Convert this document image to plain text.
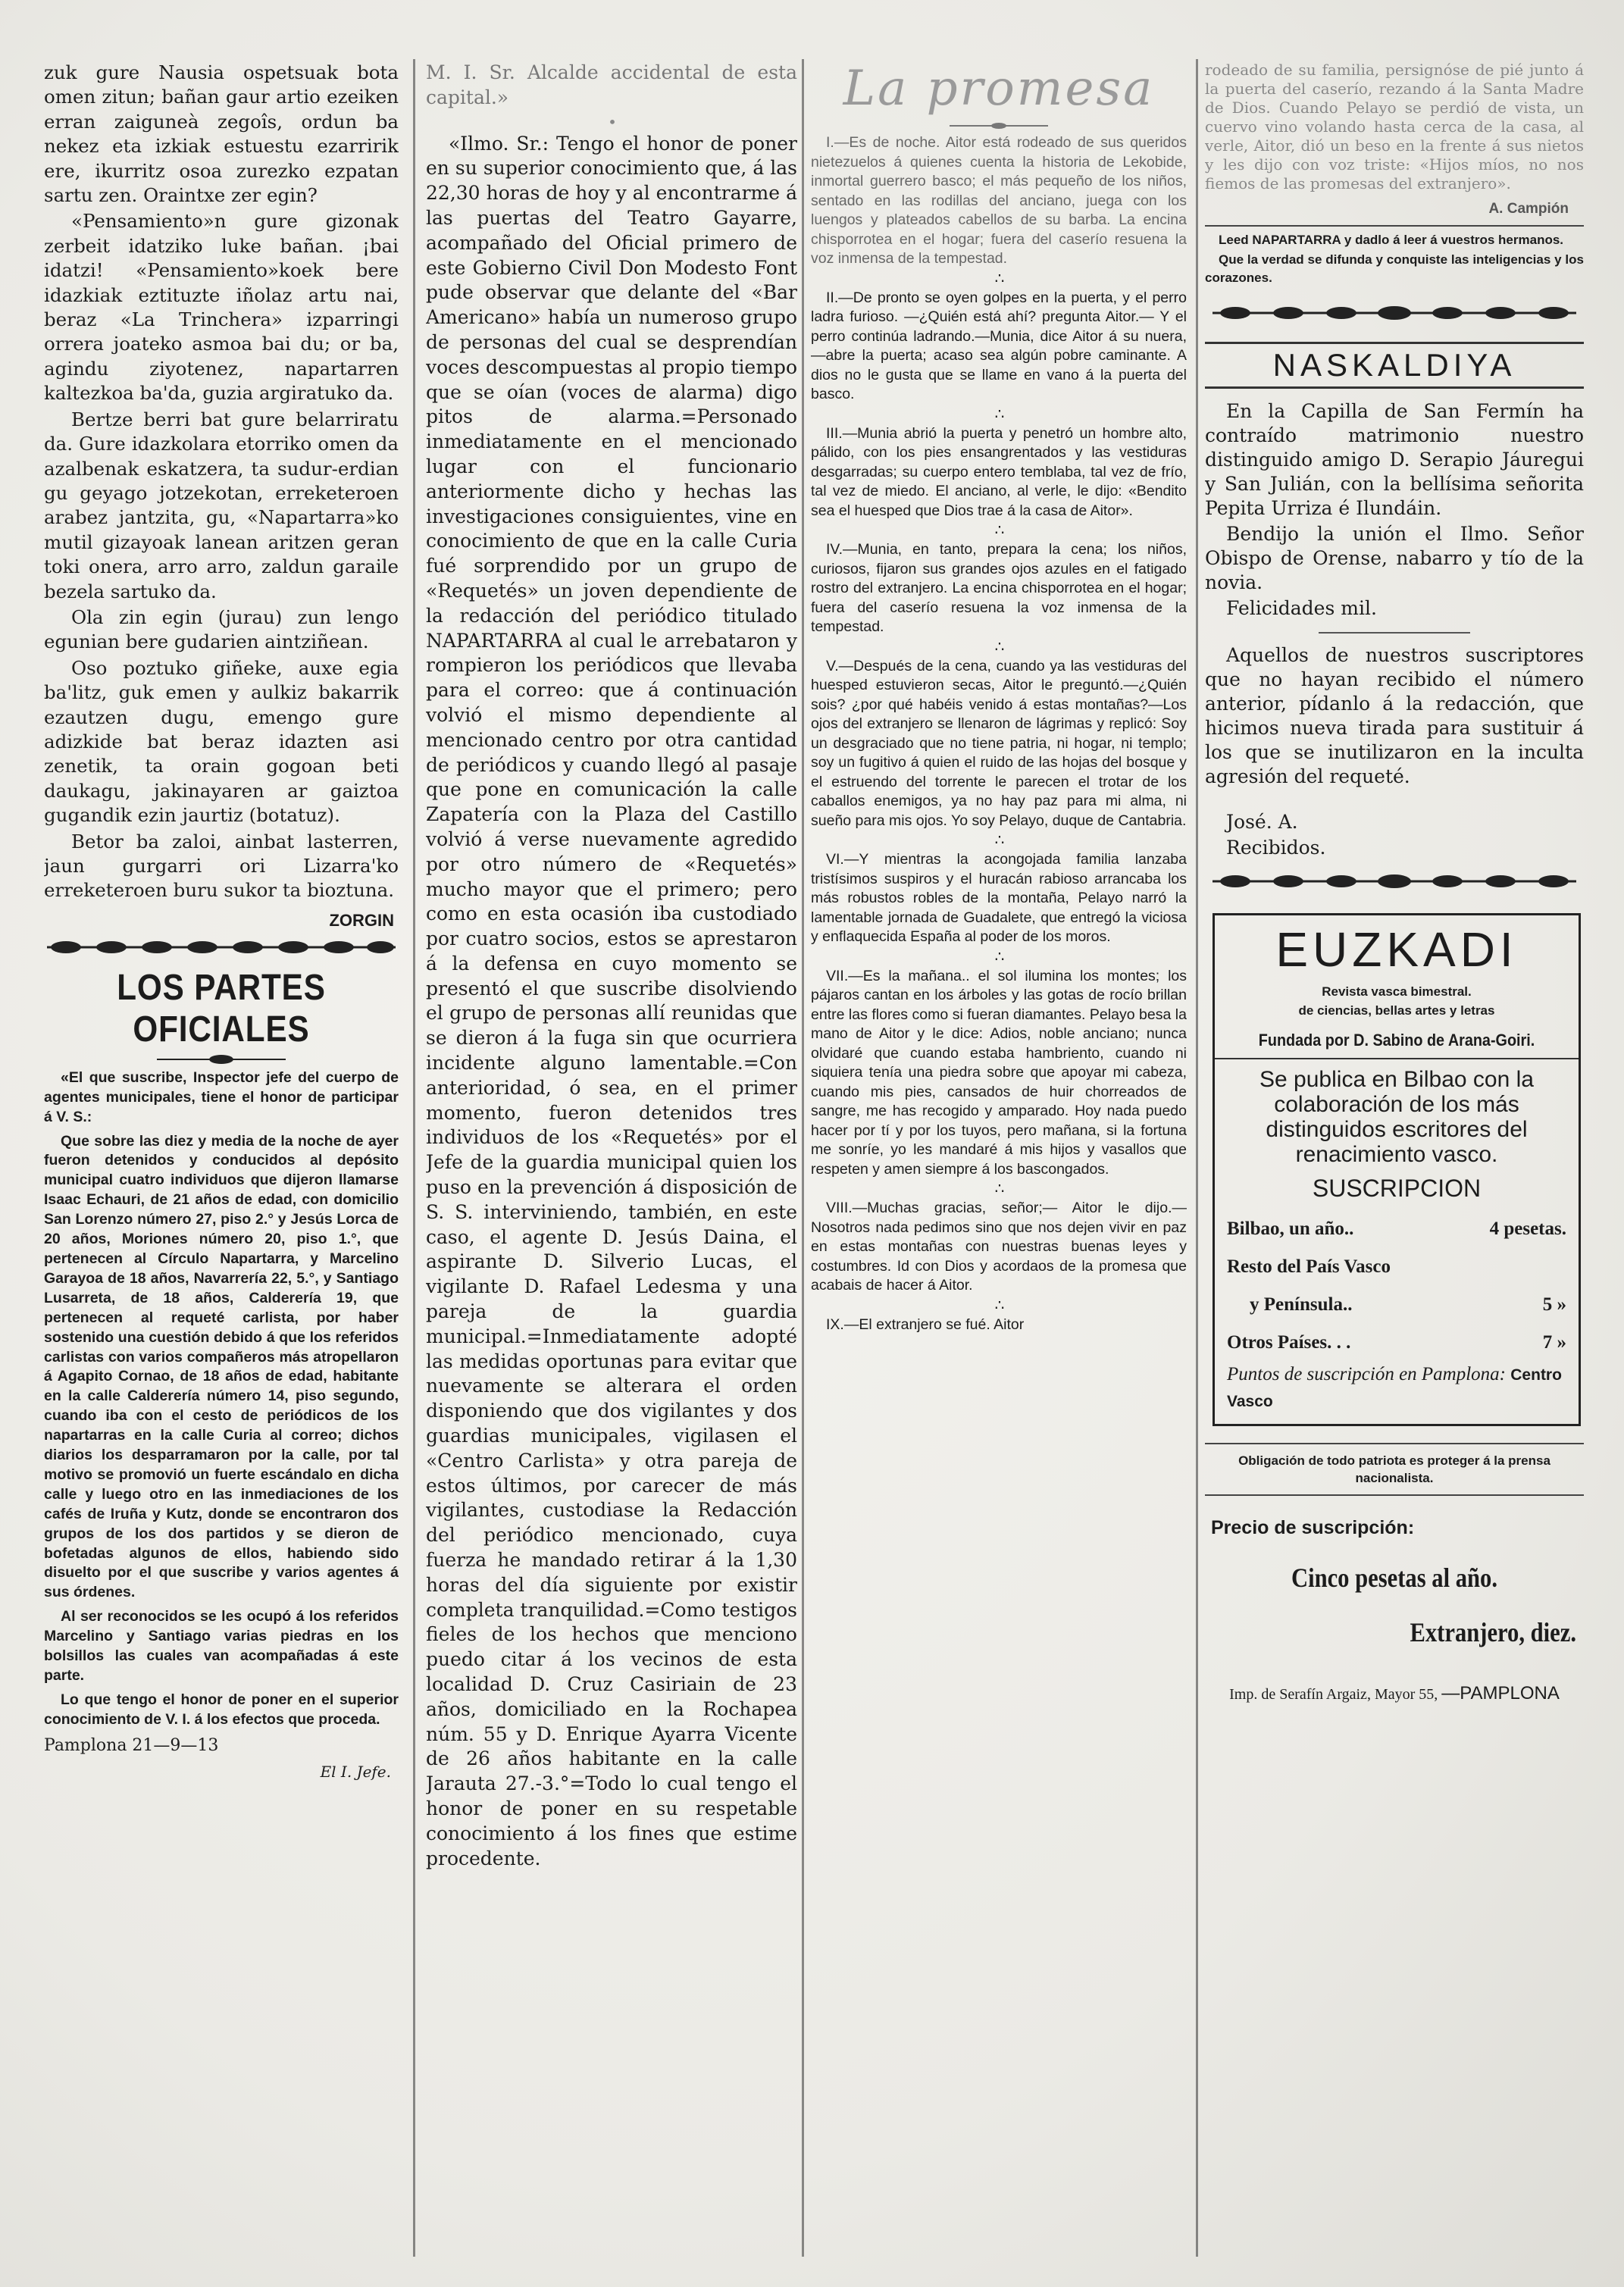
zuk gure Nausia ospetsuak bota omen zitun; bañan gaur artio ezeiken erran zaiguneà zegoîs, ordun ba nekez eta izkiak estuestu ezarririk ere, ikurritz osoa zurezko ezpatan sartu zen. Oraintxe zer egin?

«Pensamiento»n gure gizonak zerbeit idatziko luke bañan. ¡bai idatzi! «Pensamiento»koek bere idazkiak eztituzte iñolaz artu nai, beraz «La Trinchera» izparringi orrera joateko asmoa bai du; or ba, agindu ziyotenez, napartarren kaltezkoa ba'da, guzia argiratuko da.

Bertze berri bat gure belarriratu da. Gure idazkolara etorriko omen da azalbenak eskatzera, ta sudur-erdian gu geyago jotzekotan, erreketeroen arabez jantzita, gu, «Napartarra»ko mutil gizayoak lanean aritzen geran toki onera, arro arro, zaldun garaile bezela sartuko da.

Ola zin egin (jurau) zun lengo egunian bere gudarien aintziñean.

Oso poztuko giñeke, auxe egia ba'litz, guk emen y aulkiz bakarrik ezautzen dugu, emengo gure adizkide bat beraz idazten asi zenetik, ta orain gogoan beti daukagu, jakinayaren ar gaiztoa gugandik ezin jaurtiz (botatuz).

Betor ba zaloi, ainbat lasterren, jaun gurgarri ori Lizarra'ko erreketeroen buru sukor ta bioztuna.

ZORGIN
LOS PARTES OFICIALES

«El que suscribe, Inspector jefe del cuerpo de agentes municipales, tiene el honor de participar á V. S.:

Que sobre las diez y media de la noche de ayer fueron detenidos y conducidos al depósito municipal cuatro individuos que dijeron llamarse Isaac Echauri, de 21 años de edad, con domicilio San Lorenzo número 27, piso 2.° y Jesús Lorca de 20 años, Moriones número 20, piso 1.°, que pertenecen al Círculo Napartarra, y Marcelino Garayoa de 18 años, Navarrería 22, 5.°, y Santiago Lusarreta, de 18 años, Calderería 19, que pertenecen al requeté carlista, por haber sostenido una cuestión debido á que los referidos carlistas con varios compañeros más atropellaron á Agapito Cornao, de 18 años de edad, habitante en la calle Calderería número 14, piso segundo, cuando iba con el cesto de periódicos de los napartarras en la calle Curia al correo; dichos diarios los desparramaron por la calle, por tal motivo se promovió un fuerte escándalo en dicha calle y luego otro en las inmediaciones de los cafés de Iruña y Kutz, donde se encontraron dos grupos de los dos partidos y se dieron de bofetadas algunos de ellos, habiendo sido disuelto por el que suscribe y varios agentes á sus órdenes.

Al ser reconocidos se les ocupó á los referidos Marcelino y Santiago varias piedras en los bolsillos las cuales van acompañadas á este parte.

Lo que tengo el honor de poner en el superior conocimiento de V. I. á los efectos que proceda.

Pamplona 21—9—13
El I. Jefe.

M. I. Sr. Alcalde accidental de esta capital.»

•

«Ilmo. Sr.: Tengo el honor de poner en su superior conocimiento que, á las 22,30 horas de hoy y al encontrarme á las puertas del Teatro Gayarre, acompañado del Oficial primero de este Gobierno Civil Don Modesto Font pude observar que delante del «Bar Americano» había un numeroso grupo de personas del cual se desprendían voces descompuestas al propio tiempo que se oían (voces de alarma) digo pitos de alarma.=Personado inmediatamente en el mencionado lugar con el funcionario anteriormente dicho y hechas las investigaciones consiguientes, vine en conocimiento de que en la calle Curia fué sorprendido por un grupo de «Requetés» un joven dependiente de la redacción del periódico titulado NAPARTARRA al cual le arrebataron y rompieron los periódicos que llevaba para el correo: que á continuación volvió el mismo dependiente al mencionado centro por otra cantidad de periódicos y cuando llegó al pasaje que pone en comunicación la calle Zapatería con la Plaza del Castillo volvió á verse nuevamente agredido por otro número de «Requetés» mucho mayor que el primero; pero como en esta ocasión iba custodiado por cuatro socios, estos se aprestaron á la defensa en cuyo momento se presentó el que suscribe disolviendo el grupo de personas allí reunidas que se dieron á la fuga sin que ocurriera incidente alguno lamentable.=Con anterioridad, ó sea, en el primer momento, fueron detenidos tres individuos de los «Requetés» por el Jefe de la guardia municipal quien los puso en la prevención á disposición de S. S. interviniendo, también, en este caso, el agente D. Jesús Daina, el aspirante D. Silverio Lucas, el vigilante D. Rafael Ledesma y una pareja de la guardia municipal.=Inmediatamente adopté las medidas oportunas para evitar que nuevamente se alterara el orden disponiendo que dos vigilantes y dos guardias municipales, vigilasen el «Centro Carlista» y otra pareja de estos últimos, por carecer de más vigilantes, custodiase la Redacción del periódico mencionado, cuya fuerza he mandado retirar á la 1,30 horas del día siguiente por existir completa tranquilidad.=Como testigos fieles de los hechos que menciono puedo citar á los vecinos de esta localidad D. Cruz Casiriain de 23 años, domiciliado en la Rochapea núm. 55 y D. Enrique Ayarra Vicente de 26 años habitante en la calle Jarauta 27.-3.°=Todo lo cual tengo el honor de poner en su respetable conocimiento á los fines que estime procedente.

La promesa

I.—Es de noche. Aitor está rodeado de sus queridos nietezuelos á quienes cuenta la historia de Lekobide, inmortal guerrero basco; el más pequeño de los niños, sentado en las rodillas del anciano, juega con los luengos y plateados cabellos de su barba. La encina chisporrotea en el hogar; fuera del caserío resuena la voz inmensa de la tempestad.

∴

II.—De pronto se oyen golpes en la puerta, y el perro ladra furioso. —¿Quién está ahí? pregunta Aitor.— Y el perro continúa ladrando.—Munia, dice Aitor á su nuera,—abre la puerta; acaso sea algún pobre caminante. A dios no le gusta que se llame en vano á la puerta del basco.

∴

III.—Munia abrió la puerta y penetró un hombre alto, pálido, con los pies ensangrentados y las vestiduras desgarradas; su cuerpo entero temblaba, tal vez de frío, tal vez de miedo. El anciano, al verle, le dijo: «Bendito sea el huesped que Dios trae á la casa de Aitor».

∴

IV.—Munia, en tanto, prepara la cena; los niños, curiosos, fijaron sus grandes ojos azules en el fatigado rostro del extranjero. La encina chisporrotea en el hogar; fuera del caserío resuena la voz inmensa de la tempestad.

∴

V.—Después de la cena, cuando ya las vestiduras del huesped estuvieron secas, Aitor le preguntó.—¿Quién sois? ¿por qué habéis venido á estas montañas?—Los ojos del extranjero se llenaron de lágrimas y replicó: Soy un desgraciado que no tiene patria, ni hogar, ni templo; soy un fugitivo á quien el ruido de las hojas del bosque y el estruendo del torrente le parecen el trotar de los caballos enemigos, ya no hay paz para mi alma, ni sueño para mis ojos. Yo soy Pelayo, duque de Cantabria.

∴

VI.—Y mientras la acongojada familia lanzaba tristísimos suspiros y el huracán rabioso arrancaba los más robustos robles de la montaña, Pelayo narró la lamentable jornada de Guadalete, que entregó la viciosa y enflaquecida España al poder de los moros.

∴

VII.—Es la mañana.. el sol ilumina los montes; los pájaros cantan en los árboles y las gotas de rocío brillan entre las flores como si fueran diamantes. Pelayo besa la mano de Aitor y le dice: Adios, noble anciano; nunca olvidaré que cuando estaba hambriento, cuando ni siquiera tenía una piedra sobre que apoyar mi cabeza, cuando mis pies, cansados de huir chorreados de sangre, me has recogido y amparado. Hoy nada puedo hacer por tí y por los tuyos, pero mañana, si la fortuna me sonríe, yo les mandaré á mis hijos y vasallos que respeten y amen siempre á los bascongados.

∴

VIII.—Muchas gracias, señor;— Aitor le dijo.—Nosotros nada pedimos sino que nos dejen vivir en paz en estas montañas con nuestras buenas leyes y costumbres. Id con Dios y acordaos de la promesa que acabais de hacer á Aitor.

∴

IX.—El extranjero se fué. Aitor

rodeado de su familia, persignóse de pié junto á la puerta del caserío, rezando á la Santa Madre de Dios. Cuando Pelayo se perdió de vista, un cuervo vino volando hasta cerca de la casa, al verle, Aitor, dió un beso en la frente á sus nietos y les dijo con voz triste: «Hijos míos, no nos fiemos de las promesas del extranjero».

A. Campión

Leed NAPARTARRA y dadlo á leer á vuestros hermanos.

Que la verdad se difunda y conquiste las inteligencias y los corazones.

NASKALDIYA

En la Capilla de San Fermín ha contraído matrimonio nuestro distinguido amigo D. Serapio Jáuregui y San Julián, con la bellísima señorita Pepita Urriza é Ilundáin.

Bendijo la unión el Ilmo. Señor Obispo de Orense, nabarro y tío de la novia.

Felicidades mil.

Aquellos de nuestros suscriptores que no hayan recibido el número anterior, pídanlo á la redacción, que hicimos nueva tirada para sustituir á los que se inutilizaron en la inculta agresión del requeté.

José. A.

Recibidos.

EUZKADI
Revista vasca bimestral.
de ciencias, bellas artes y letras
Fundada por D. Sabino de Arana-Goiri.
Se publica en Bilbao con la colaboración de los más distinguidos escritores del renacimiento vasco.
SUSCRIPCION
Bilbao, un año..	4 pesetas.
Resto del País Vasco
y Península..	5 »
Otros Países. . .	7 »
Puntos de suscripción en Pamplona: Centro Vasco
Obligación de todo patriota es proteger á la prensa nacionalista.
Precio de suscripción:
Cinco pesetas al año.
Extranjero, diez.
Imp. de Serafín Argaiz, Mayor 55, —PAMPLONA
